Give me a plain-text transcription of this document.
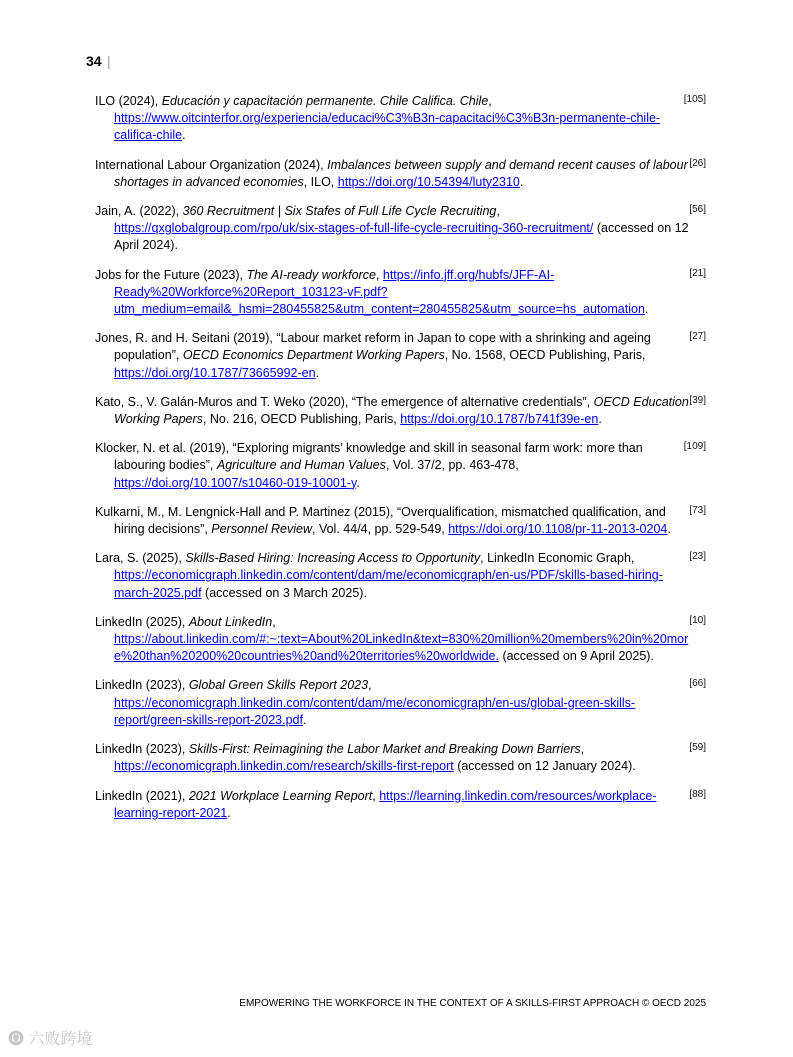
34 |
ILO (2024), Educación y capacitación permanente. Chile Califica. Chile, https://www.oitcinterfor.org/experiencia/educaci%C3%B3n-capacitaci%C3%B3n-permanente-chile-califica-chile.
[105]
International Labour Organization (2024), Imbalances between supply and demand recent causes of labour shortages in advanced economies, ILO, https://doi.org/10.54394/luty2310.
[26]
Jain, A. (2022), 360 Recruitment | Six Stafes of Full Life Cycle Recruiting, https://qxglobalgroup.com/rpo/uk/six-stages-of-full-life-cycle-recruiting-360-recruitment/ (accessed on 12 April 2024).
[56]
Jobs for the Future (2023), The AI-ready workforce, https://info.jff.org/hubfs/JFF-AI-Ready%20Workforce%20Report_103123-vF.pdf?utm_medium=email&_hsmi=280455825&utm_content=280455825&utm_source=hs_automation.
[21]
Jones, R. and H. Seitani (2019), “Labour market reform in Japan to cope with a shrinking and ageing population”, OECD Economics Department Working Papers, No. 1568, OECD Publishing, Paris, https://doi.org/10.1787/73665992-en.
[27]
Kato, S., V. Galán-Muros and T. Weko (2020), “The emergence of alternative credentials”, OECD Education Working Papers, No. 216, OECD Publishing, Paris, https://doi.org/10.1787/b741f39e-en.
[39]
Klocker, N. et al. (2019), “Exploring migrants’ knowledge and skill in seasonal farm work: more than labouring bodies”, Agriculture and Human Values, Vol. 37/2, pp. 463-478, https://doi.org/10.1007/s10460-019-10001-y.
[109]
Kulkarni, M., M. Lengnick-Hall and P. Martinez (2015), “Overqualification, mismatched qualification, and hiring decisions”, Personnel Review, Vol. 44/4, pp. 529-549, https://doi.org/10.1108/pr-11-2013-0204.
[73]
Lara, S. (2025), Skills-Based Hiring: Increasing Access to Opportunity, LinkedIn Economic Graph, https://economicgraph.linkedin.com/content/dam/me/economicgraph/en-us/PDF/skills-based-hiring-march-2025.pdf (accessed on 3 March 2025).
[23]
LinkedIn (2025), About LinkedIn, https://about.linkedin.com/#:~:text=About%20LinkedIn&text=830%20million%20members%20in%20more%20than%20200%20countries%20and%20territories%20worldwide. (accessed on 9 April 2025).
[10]
LinkedIn (2023), Global Green Skills Report 2023, https://economicgraph.linkedin.com/content/dam/me/economicgraph/en-us/global-green-skills-report/green-skills-report-2023.pdf.
[66]
LinkedIn (2023), Skills-First: Reimagining the Labor Market and Breaking Down Barriers, https://economicgraph.linkedin.com/research/skills-first-report (accessed on 12 January 2024).
[59]
LinkedIn (2021), 2021 Workplace Learning Report, https://learning.linkedin.com/resources/workplace-learning-report-2021.
[88]
EMPOWERING THE WORKFORCE IN THE CONTEXT OF A SKILLS-FIRST APPROACH © OECD 2025
🅞 六败跨境
